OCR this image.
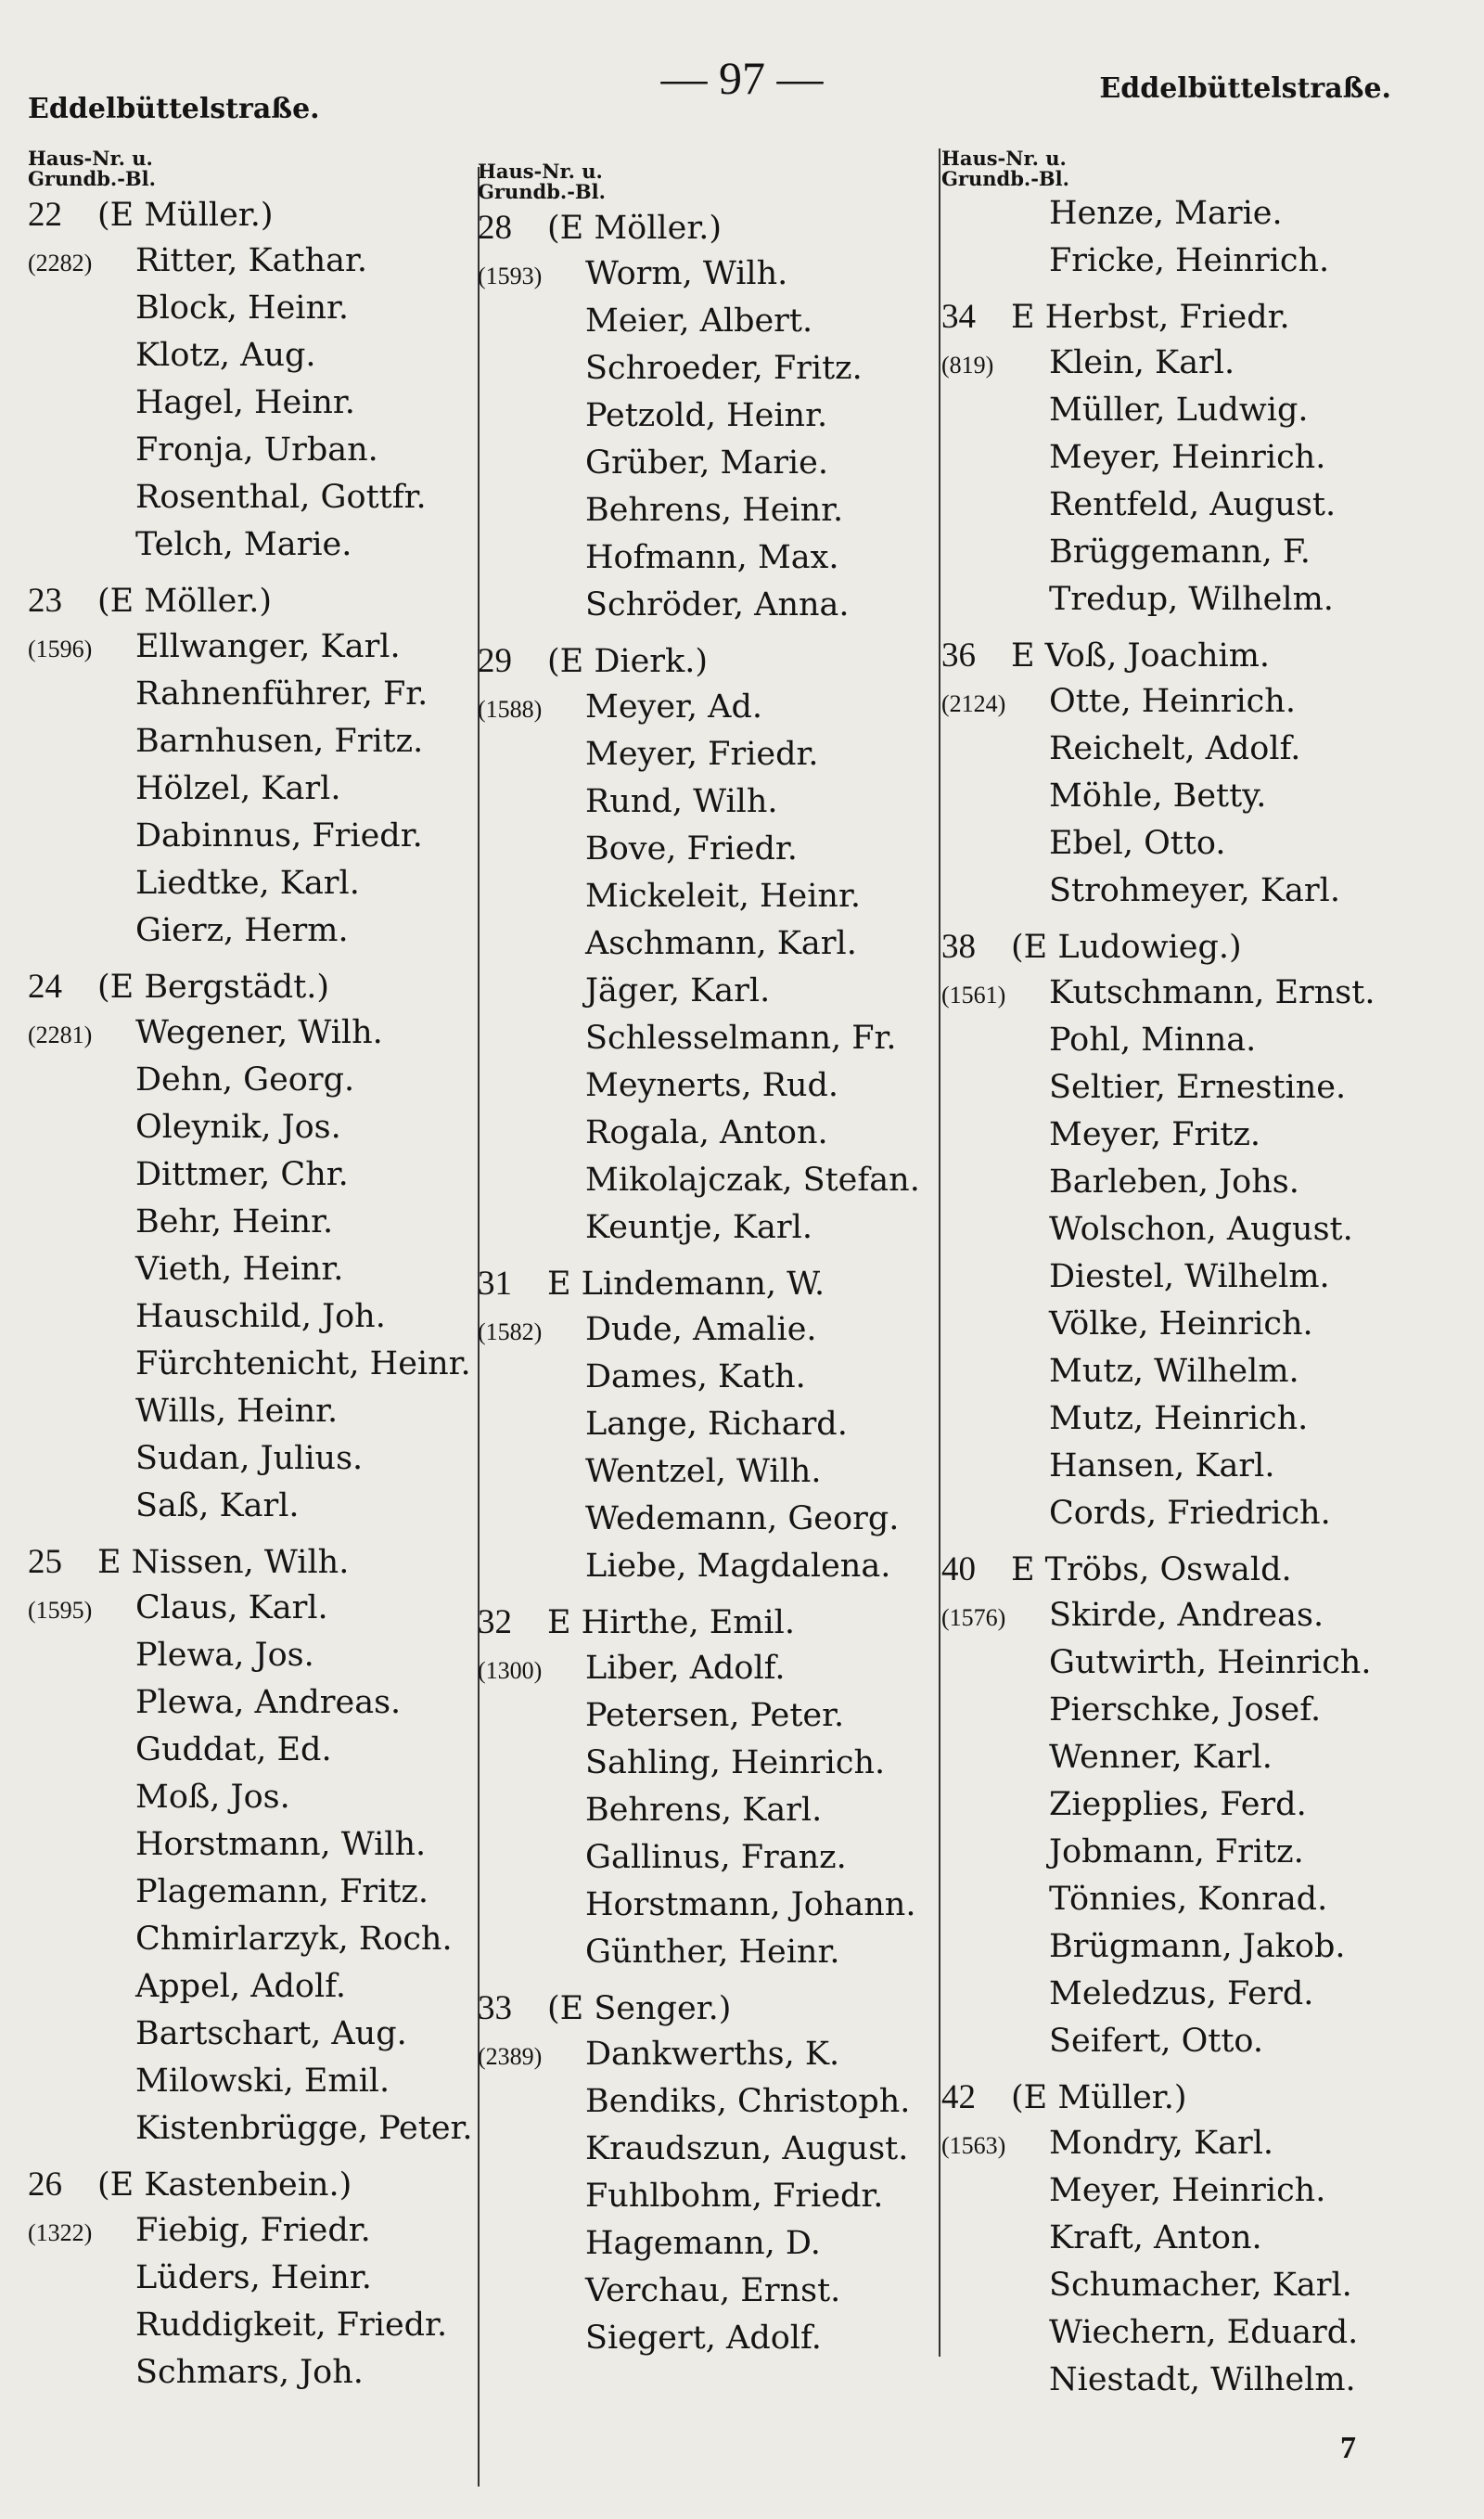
Eddelbüttelstraße.
— 97 —	Eddelbüttelstraße.
Haus-Nr. u.
Grundb.-Bl.
22	(E Müller.)
(2282)	Ritter, Kathar.
Block, Heinr.
Klotz, Aug.
Hagel, Heinr.
Fronja, Urban.
Rosenthal, Gottfr.
Telch, Marie.
23	(E Möller.)
(1596)	Ellwanger, Karl.
Rahnenführer, Fr.
Barnhusen, Fritz.
Hölzel, Karl.
Dabinnus, Friedr.
Liedtke, Karl.
Gierz, Herm.
24	(E Bergstädt.)
(2281)	Wegener, Wilh.
Dehn, Georg.
Oleynik, Jos.
Dittmer, Chr.
Behr, Heinr.
Vieth, Heinr.
Hauschild, Joh.
Fürchtenicht, Heinr.
Wills, Heinr.
Sudan, Julius.
Saß, Karl.
25	E Nissen, Wilh.
(1595)	Claus, Karl.
Plewa, Jos.
Plewa, Andreas.
Guddat, Ed.
Moß, Jos.
Horstmann, Wilh.
Plagemann, Fritz.
Chmirlarzyk, Roch.
Appel, Adolf.
Bartschart, Aug.
Milowski, Emil.
Kistenbrügge, Peter.
26	(E Kastenbein.)
(1322)	Fiebig, Friedr.
Lüders, Heinr.
Ruddigkeit, Friedr.
Schmars, Joh.
Haus-Nr. u.
Grundb.-Bl.
28	(E Möller.)
(1593)	Worm, Wilh.
Meier, Albert.
Schroeder, Fritz.
Petzold, Heinr.
Grüber, Marie.
Behrens, Heinr.
Hofmann, Max.
Schröder, Anna.
29	(E Dierk.)
(1588)	Meyer, Ad.
Meyer, Friedr.
Rund, Wilh.
Bove, Friedr.
Mickeleit, Heinr.
Aschmann, Karl.
Jäger, Karl.
Schlesselmann, Fr.
Meynerts, Rud.
Rogala, Anton.
Mikolajczak, Stefan.
Keuntje, Karl.
31	E Lindemann, W.
(1582)	Dude, Amalie.
Dames, Kath.
Lange, Richard.
Wentzel, Wilh.
Wedemann, Georg.
Liebe, Magdalena.
32	E Hirthe, Emil.
(1300)	Liber, Adolf.
Petersen, Peter.
Sahling, Heinrich.
Behrens, Karl.
Gallinus, Franz.
Horstmann, Johann.
Günther, Heinr.
33	(E Senger.)
(2389)	Dankwerths, K.
Bendiks, Christoph.
Kraudszun, August.
Fuhlbohm, Friedr.
Hagemann, D.
Verchau, Ernst.
Siegert, Adolf.
Haus-Nr. u.
Grundb.-Bl.
Henze, Marie.
Fricke, Heinrich.
34	E Herbst, Friedr.
(819)	Klein, Karl.
Müller, Ludwig.
Meyer, Heinrich.
Rentfeld, August.
Brüggemann, F.
Tredup, Wilhelm.
36	E Voß, Joachim.
(2124)	Otte, Heinrich.
Reichelt, Adolf.
Möhle, Betty.
Ebel, Otto.
Strohmeyer, Karl.
38	(E Ludowieg.)
(1561)	Kutschmann, Ernst.
Pohl, Minna.
Seltier, Ernestine.
Meyer, Fritz.
Barleben, Johs.
Wolschon, August.
Diestel, Wilhelm.
Völke, Heinrich.
Mutz, Wilhelm.
Mutz, Heinrich.
Hansen, Karl.
Cords, Friedrich.
40	E Tröbs, Oswald.
(1576)	Skirde, Andreas.
Gutwirth, Heinrich.
Pierschke, Josef.
Wenner, Karl.
Ziepplies, Ferd.
Jobmann, Fritz.
Tönnies, Konrad.
Brügmann, Jakob.
Meledzus, Ferd.
Seifert, Otto.
42	(E Müller.)
(1563)	Mondry, Karl.
Meyer, Heinrich.
Kraft, Anton.
Schumacher, Karl.
Wiechern, Eduard.
Niestadt, Wilhelm.
7
